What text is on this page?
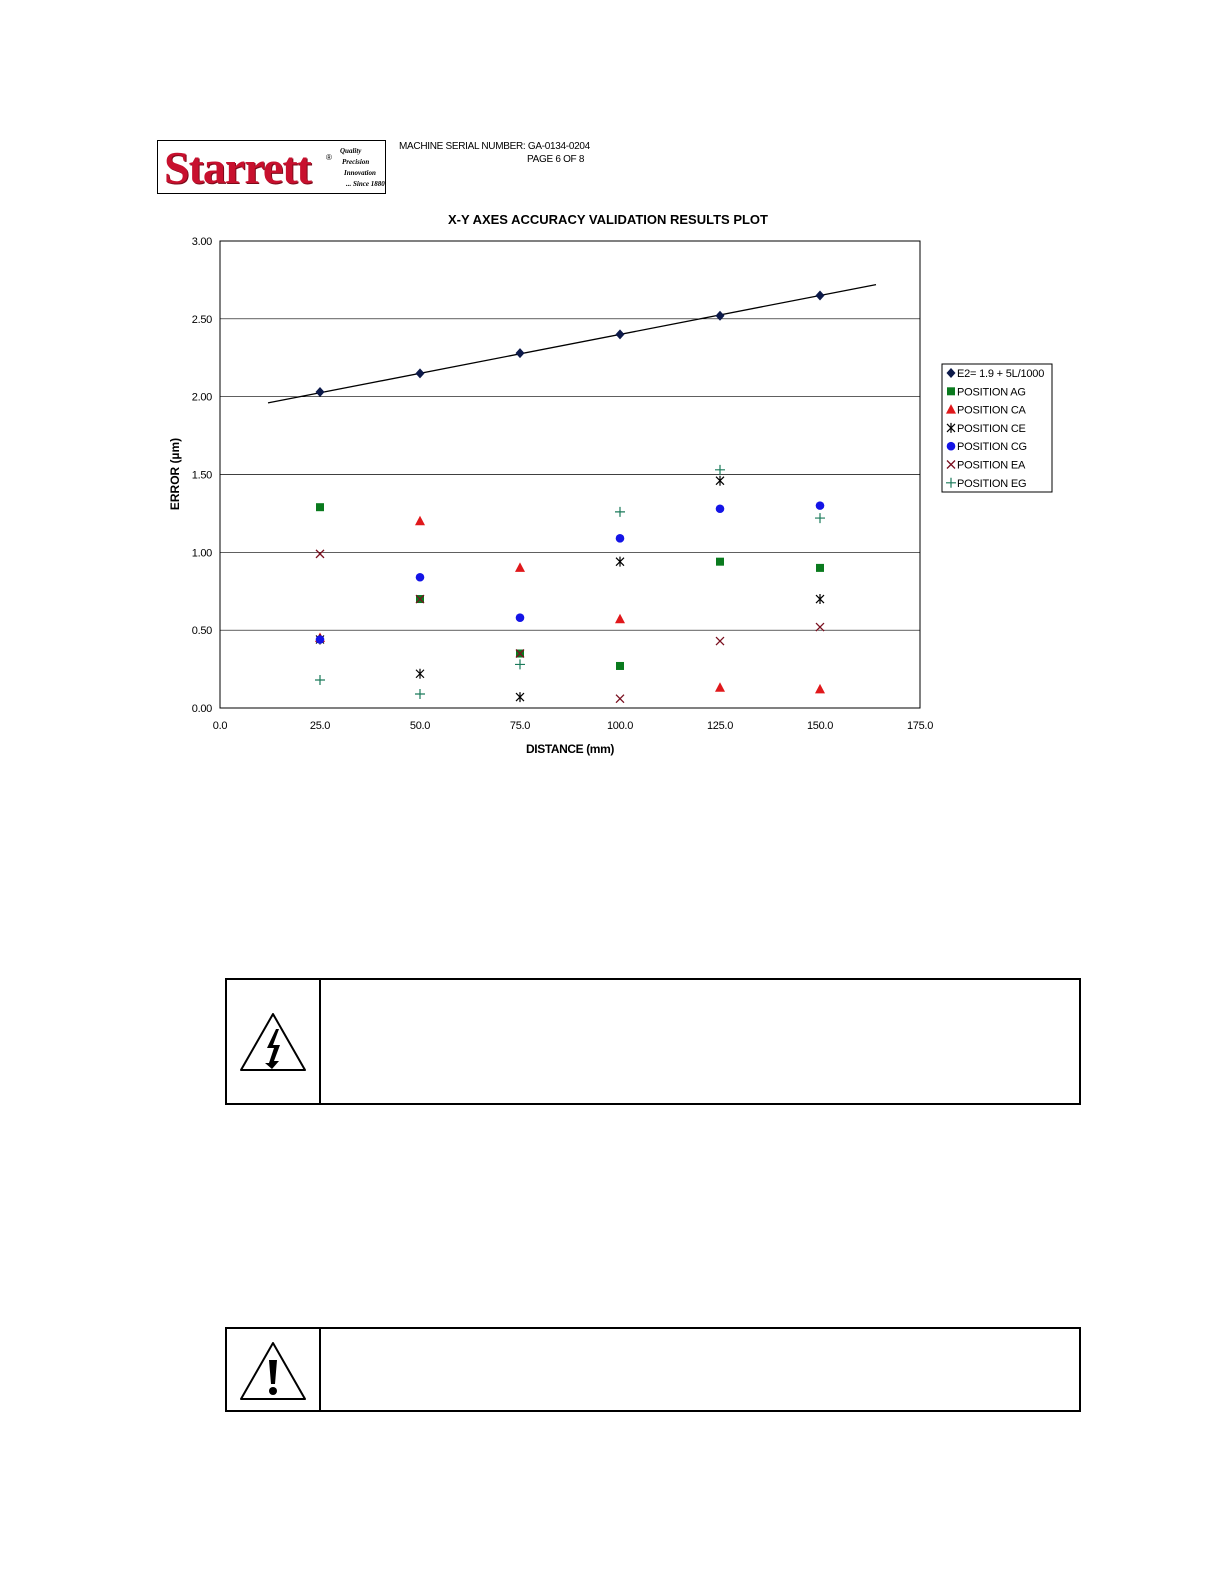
Starrett ®
Quality
Precision
Innovation
... Since 1880
MACHINE SERIAL NUMBER: GA-0134-0204
PAGE 6 OF 8
X-Y AXES ACCURACY VALIDATION RESULTS PLOT
0.00
0.50
1.00
1.50
2.00
2.50
3.00
0.0	25.0	50.0	75.0	100.0	125.0	150.0	175.0
DISTANCE (mm)
ERROR (µm)
E2= 1.9 + 5L/1000
POSITION AG
POSITION CA
POSITION CE
POSITION CG
POSITION EA
POSITION EG
